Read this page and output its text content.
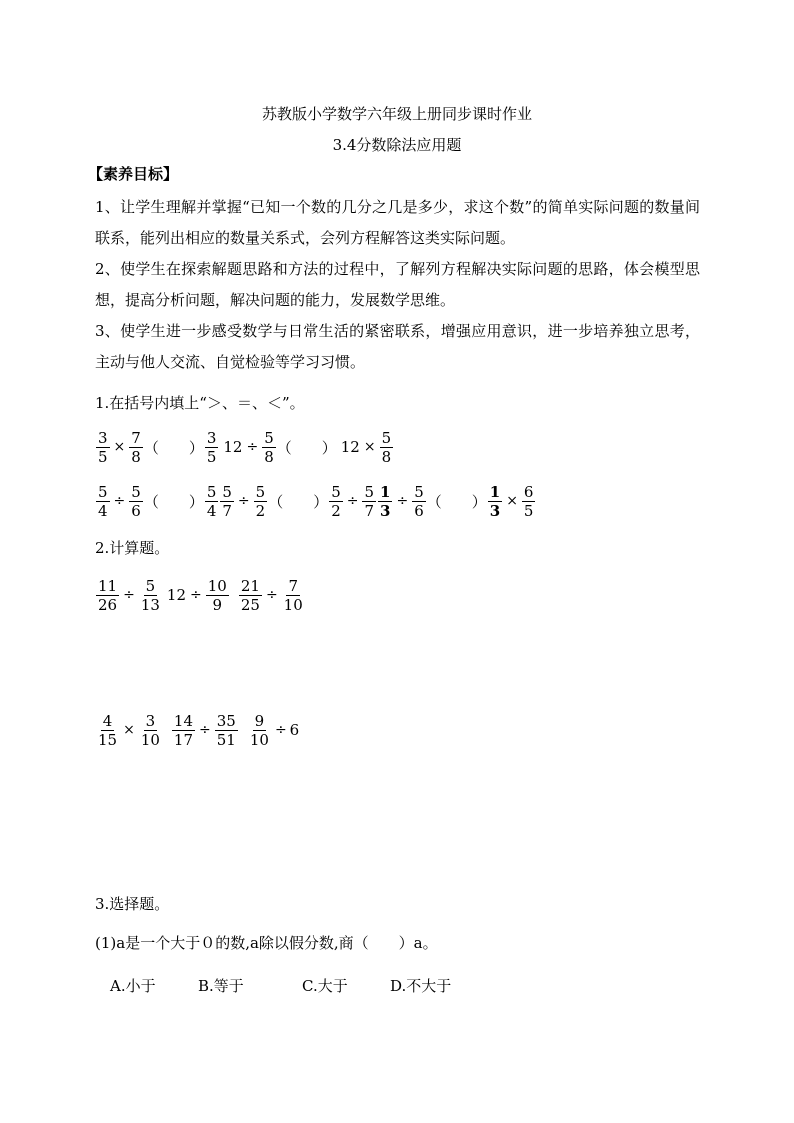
苏教版小学数学六年级上册同步课时作业
3.4分数除法应用题
【素养目标】
1、让学生理解并掌握“已知一个数的几分之几是多少，求这个数”的简单实际问题的数量间联系，能列出相应的数量关系式，会列方程解答这类实际问题。
2、使学生在探索解题思路和方法的过程中，了解列方程解决实际问题的思路，体会模型思想，提高分析问题，解决问题的能力，发展数学思维。
3、使学生进一步感受数学与日常生活的紧密联系，增强应用意识，进一步培养独立思考，主动与他人交流、自觉检验等学习习惯。
1.在括号内填上“＞、＝、＜”。
$\frac{3}{5} \times \frac{7}{8}$ （　　） $\frac{3}{5} 12 \div \frac{5}{8}$ （　　） $12 \times \frac{5}{8}$
$\frac{5}{4} \div \frac{5}{6}$ （　　） $\frac{5}{4} \frac{5}{7} \div \frac{5}{2}$ （　　） $\frac{5}{2} \div \frac{5}{7} \frac{1}{3} \div \frac{5}{6}$ （　　） $\frac{1}{3} \times \frac{6}{5}$
2.计算题。
$\frac{11}{26} \div \frac{5}{13} 12 \div \frac{10}{9} \frac{21}{25} \div \frac{7}{10}$
$\frac{4}{15} \times \frac{3}{10} \frac{14}{17} \div \frac{35}{51} \frac{9}{10} \div 6$
3.选择题。
(1)a是一个大于０的数,a除以假分数,商（　　）a。
A.小于	B.等于	C.大于	D.不大于
